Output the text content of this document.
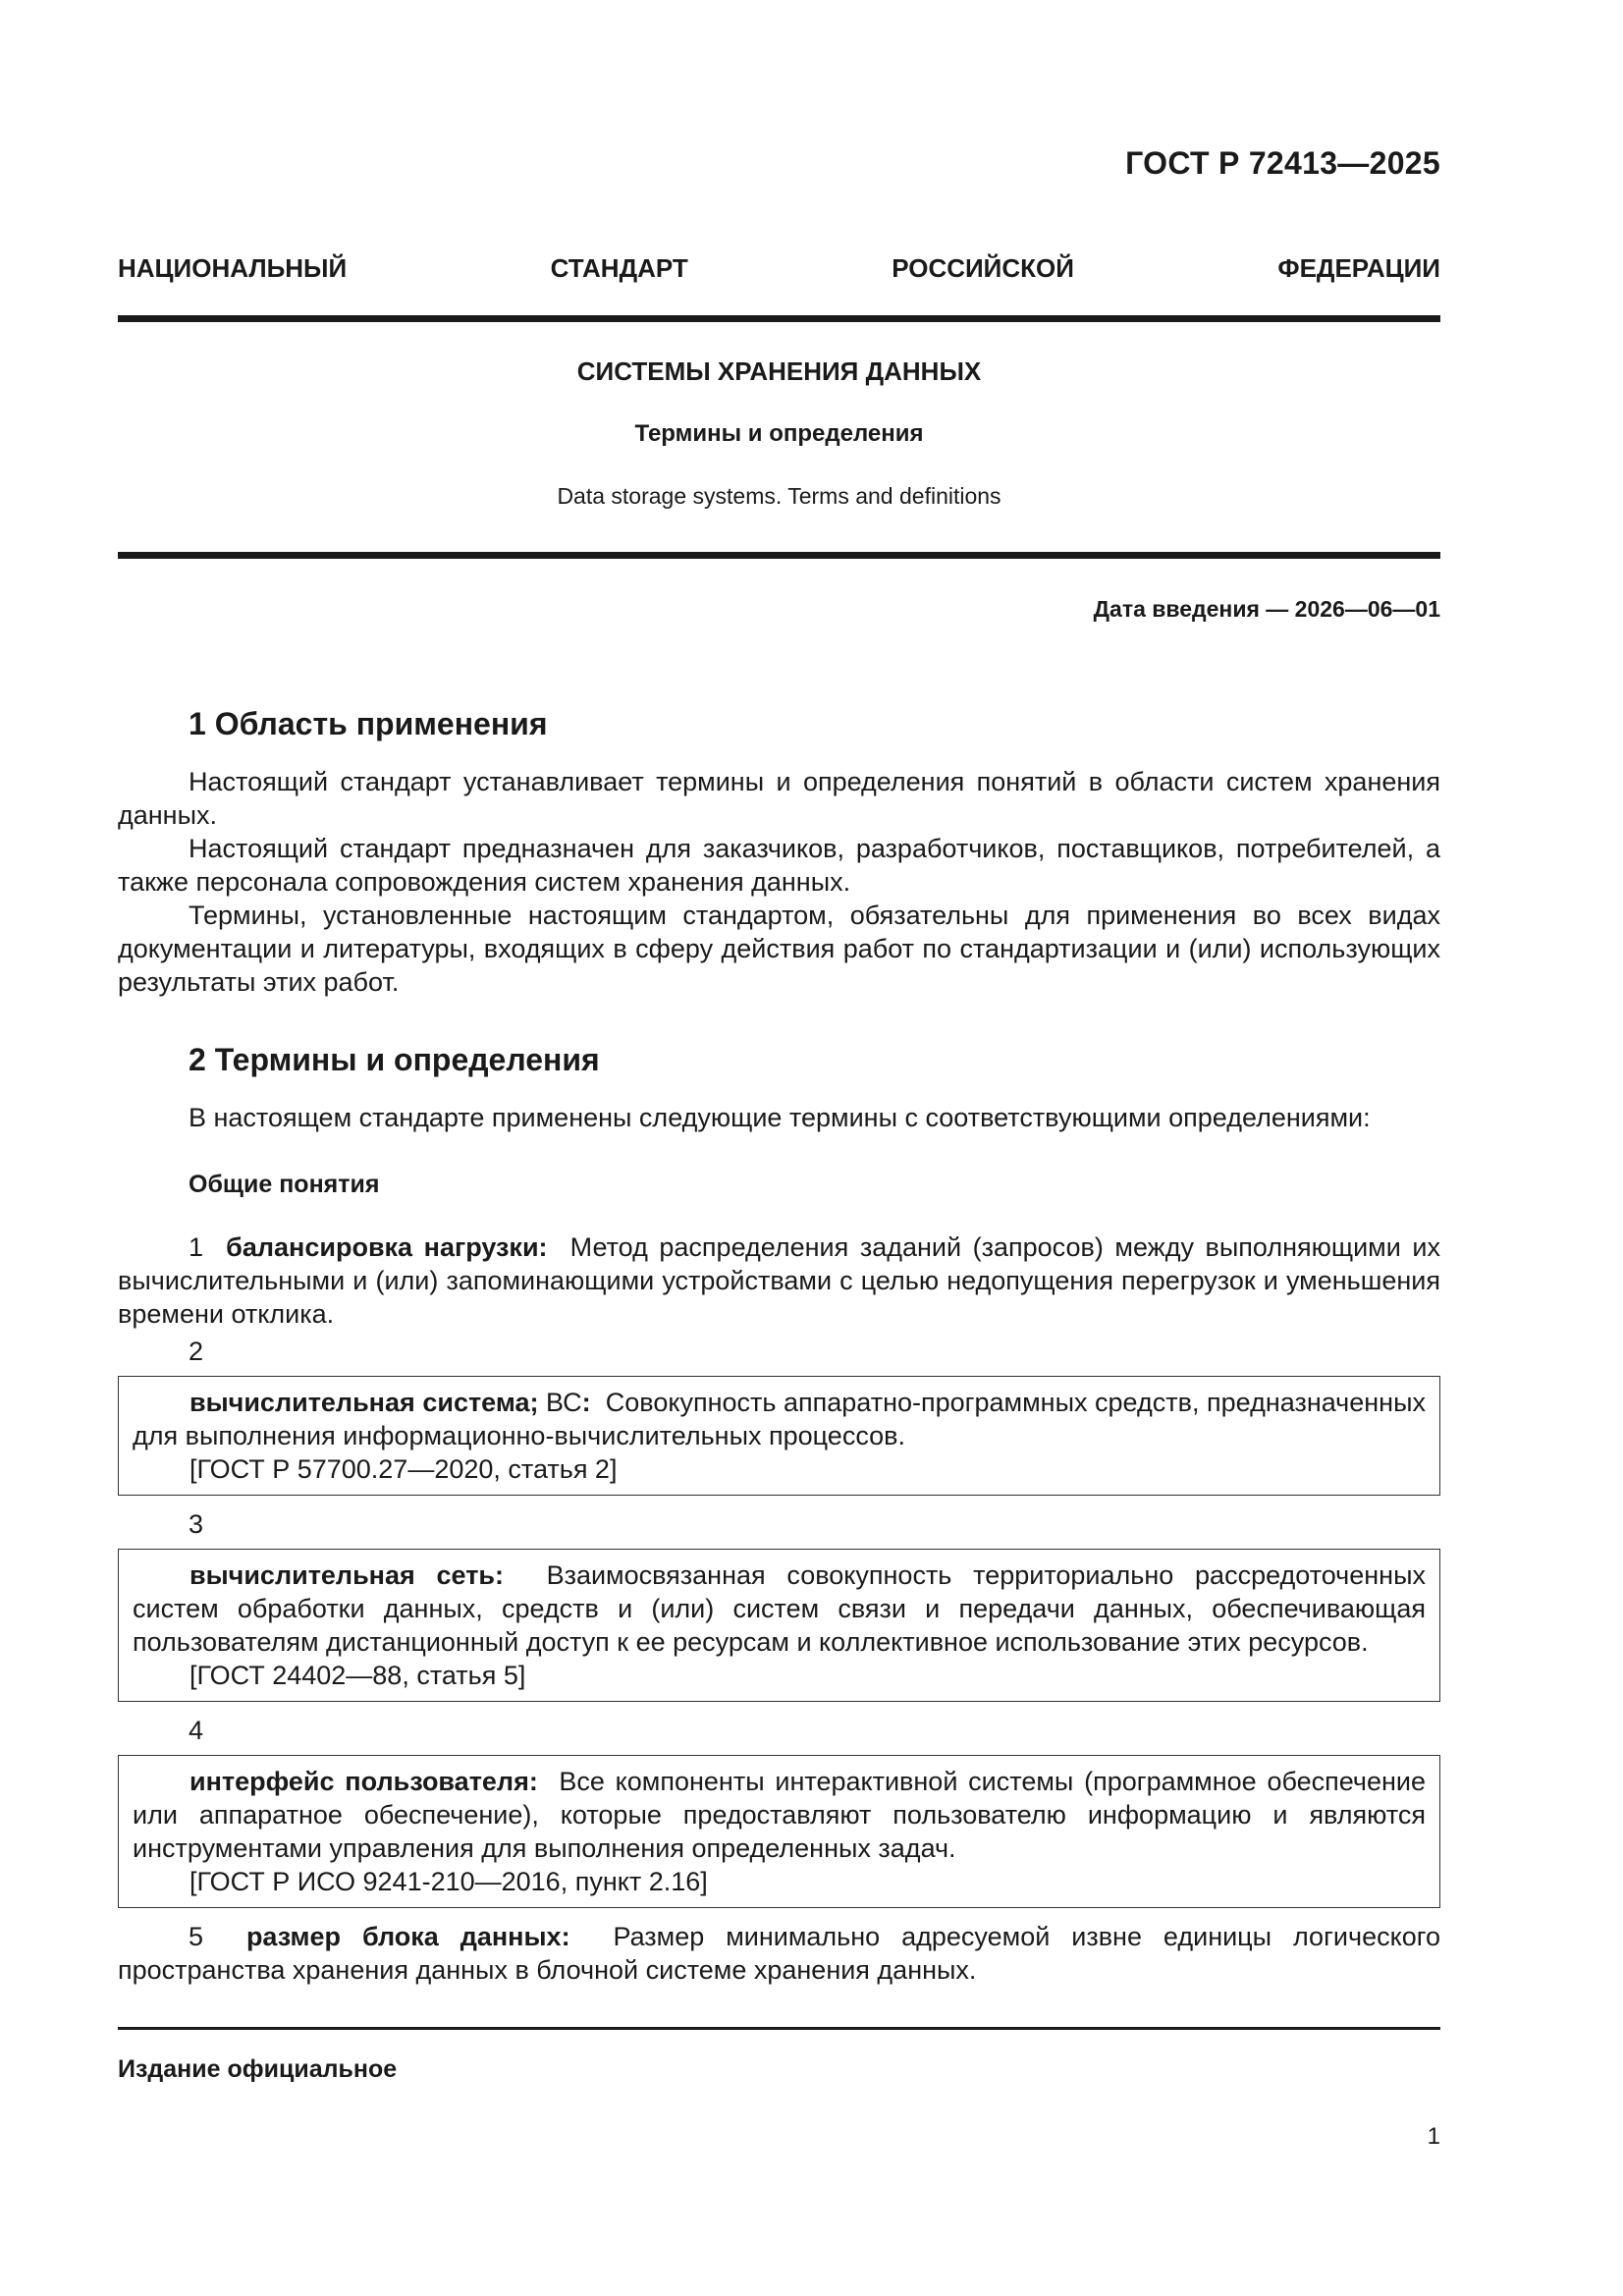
ГОСТ Р 72413—2025
НАЦИОНАЛЬНЫЙ СТАНДАРТ РОССИЙСКОЙ ФЕДЕРАЦИИ
СИСТЕМЫ ХРАНЕНИЯ ДАННЫХ
Термины и определения
Data storage systems. Terms and definitions
Дата введения — 2026—06—01
1 Область применения

Настоящий стандарт устанавливает термины и определения понятий в области систем хранения данных.

Настоящий стандарт предназначен для заказчиков, разработчиков, поставщиков, потребителей, а также персонала сопровождения систем хранения данных.

Термины, установленные настоящим стандартом, обязательны для применения во всех видах документации и литературы, входящих в сферу действия работ по стандартизации и (или) использующих результаты этих работ.

2 Термины и определения

В настоящем стандарте применены следующие термины с соответствующими определениями:

Общие понятия

1 балансировка нагрузки: Метод распределения заданий (запросов) между выполняющими их вычислительными и (или) запоминающими устройствами с целью недопущения перегрузок и уменьшения времени отклика.

2

вычислительная система; ВС: Совокупность аппаратно-программных средств, предназначенных для выполнения информационно-вычислительных процессов.

[ГОСТ Р 57700.27—2020, статья 2]

3

вычислительная сеть: Взаимосвязанная совокупность территориально рассредоточенных систем обработки данных, средств и (или) систем связи и передачи данных, обеспечивающая пользователям дистанционный доступ к ее ресурсам и коллективное использование этих ресурсов.

[ГОСТ 24402—88, статья 5]

4

интерфейс пользователя: Все компоненты интерактивной системы (программное обеспечение или аппаратное обеспечение), которые предоставляют пользователю информацию и являются инструментами управления для выполнения определенных задач.

[ГОСТ Р ИСО 9241-210—2016, пункт 2.16]

5 размер блока данных: Размер минимально адресуемой извне единицы логического пространства хранения данных в блочной системе хранения данных.

Издание официальное
1
